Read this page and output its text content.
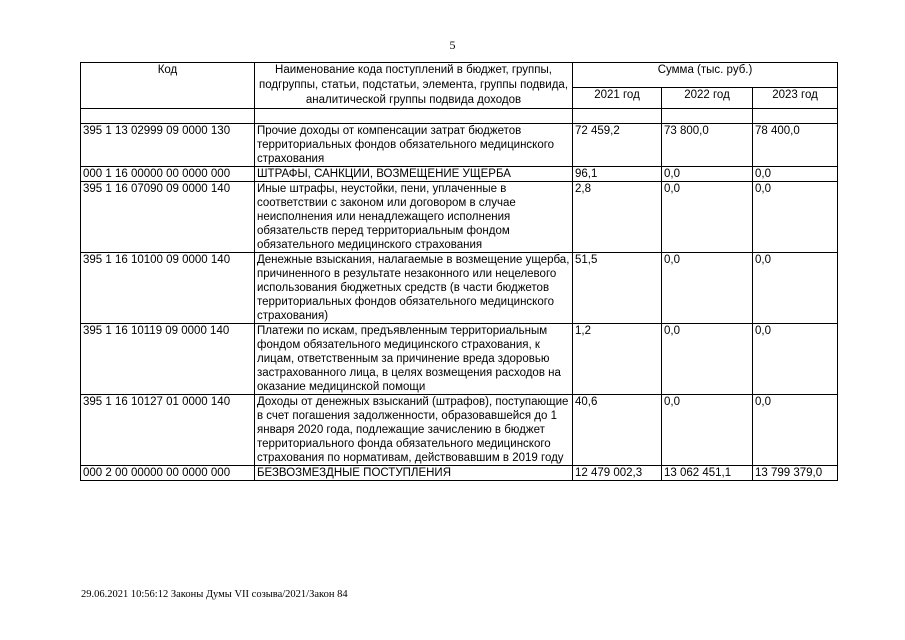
5
Код	Наименование кода поступлений в бюджет, группы, подгруппы, статьи, подстатьи, элемента, группы подвида, аналитической группы подвида доходов	Сумма (тыс. руб.)		
		2021 год	2022 год	2023 год

395 1 13 02999 09 0000 130	Прочие доходы от компенсации затрат бюджетов территориальных фондов обязательного медицинского страхования	72 459,2	73 800,0	78 400,0
000 1 16 00000 00 0000 000	ШТРАФЫ, САНКЦИИ, ВОЗМЕЩЕНИЕ УЩЕРБА	96,1	0,0	0,0
395 1 16 07090 09 0000 140	Иные штрафы, неустойки, пени, уплаченные в соответствии с законом или договором в случае неисполнения или ненадлежащего исполнения обязательств перед территориальным фондом обязательного медицинского страхования	2,8	0,0	0,0
395 1 16 10100 09 0000 140	Денежные взыскания, налагаемые в возмещение ущерба, причиненного в результате незаконного или нецелевого использования бюджетных средств (в части бюджетов территориальных фондов обязательного медицинского страхования)	51,5	0,0	0,0
395 1 16 10119 09 0000 140	Платежи по искам, предъявленным территориальным фондом обязательного медицинского страхования, к лицам, ответственным за причинение вреда здоровью застрахованного лица, в целях возмещения расходов на оказание медицинской помощи	1,2	0,0	0,0
395 1 16 10127 01 0000 140	Доходы от денежных взысканий (штрафов), поступающие в счет погашения задолженности, образовавшейся до 1 января 2020 года, подлежащие зачислению в бюджет территориального фонда обязательного медицинского страхования по нормативам, действовавшим в 2019 году	40,6	0,0	0,0
000 2 00 00000 00 0000 000	БЕЗВОЗМЕЗДНЫЕ ПОСТУПЛЕНИЯ	12 479 002,3	13 062 451,1	13 799 379,0
29.06.2021 10:56:12 Законы Думы VII созыва/2021/Закон 84
